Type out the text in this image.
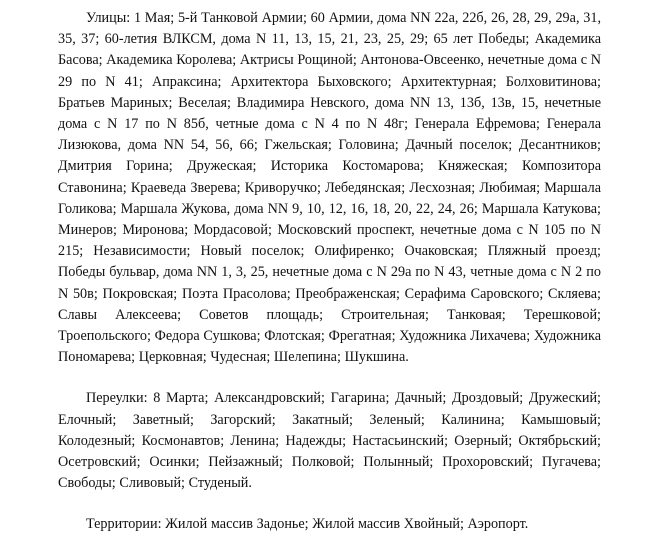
Улицы: 1 Мая; 5-й Танковой Армии; 60 Армии, дома NN 22а, 22б, 26, 28, 29, 29а, 31, 35, 37; 60-летия ВЛКСМ, дома N 11, 13, 15, 21, 23, 25, 29; 65 лет Победы; Академика Басова; Академика Королева; Актрисы Рощиной; Антонова-Овсеенко, нечетные дома с N 29 по N 41; Апраксина; Архитектора Быховского; Архитектурная; Болховитинова; Братьев Мариных; Веселая; Владимира Невского, дома NN 13, 13б, 13в, 15, нечетные дома с N 17 по N 85б, четные дома с N 4 по N 48г; Генерала Ефремова; Генерала Лизюкова, дома NN 54, 56, 66; Гжельская; Головина; Дачный поселок; Десантников; Дмитрия Горина; Дружеская; Историка Костомарова; Княжеская; Композитора Ставонина; Краеведа Зверева; Криворучко; Лебедянская; Лесхозная; Любимая; Маршала Голикова; Маршала Жукова, дома NN 9, 10, 12, 16, 18, 20, 22, 24, 26; Маршала Катукова; Минеров; Миронова; Мордасовой; Московский проспект, нечетные дома с N 105 по N 215; Независимости; Новый поселок; Олифиренко; Очаковская; Пляжный проезд; Победы бульвар, дома NN 1, 3, 25, нечетные дома с N 29а по N 43, четные дома с N 2 по N 50в; Покровская; Поэта Прасолова; Преображенская; Серафима Саровского; Скляева; Славы Алексеева; Советов площадь; Строительная; Танковая; Терешковой; Троепольского; Федора Сушкова; Флотская; Фрегатная; Художника Лихачева; Художника Пономарева; Церковная; Чудесная; Шелепина; Шукшина.

Переулки: 8 Марта; Александровский; Гагарина; Дачный; Дроздовый; Дружеский; Елочный; Заветный; Загорский; Закатный; Зеленый; Калинина; Камышовый; Колодезный; Космонавтов; Ленина; Надежды; Настасьинский; Озерный; Октябрьский; Осетровский; Осинки; Пейзажный; Полковой; Полынный; Прохоровский; Пугачева; Свободы; Сливовый; Студеный.

Территории: Жилой массив Задонье; Жилой массив Хвойный; Аэропорт.
